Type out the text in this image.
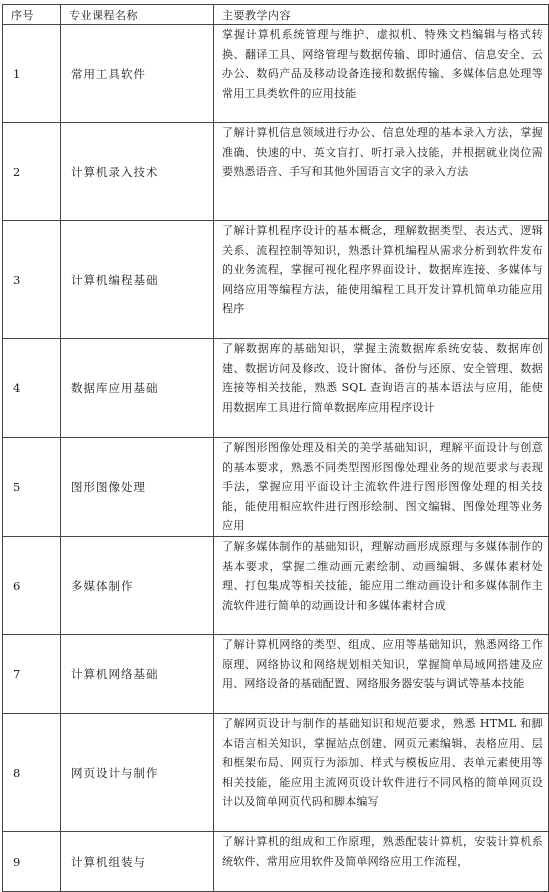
序号	专业课程名称	主要教学内容
1	常用工具软件	掌握计算机系统管理与维护、虚拟机、特殊文档编辑与格式转换、翻译工具、网络管理与数据传输、即时通信、信息安全、云办公、数码产品及移动设备连接和数据传输、多媒体信息处理等常用工具类软件的应用技能
2	计算机录入技术	了解计算机信息领域进行办公、信息处理的基本录入方法，掌握准确、快速的中、英文盲打、听打录入技能，并根据就业岗位需要熟悉语音、手写和其他外国语言文字的录入方法
3	计算机编程基础	了解计算机程序设计的基本概念，理解数据类型、表达式、逻辑关系、流程控制等知识，熟悉计算机编程从需求分析到软件发布的业务流程，掌握可视化程序界面设计、数据库连接、多媒体与网络应用等编程方法，能使用编程工具开发计算机简单功能应用程序
4	数据库应用基础	了解数据库的基础知识，掌握主流数据库系统安装、数据库创建、数据访问及修改、设计窗体、备份与还原、安全管理、数据连接等相关技能，熟悉 SQL 查询语言的基本语法与应用，能使用数据库工具进行简单数据库应用程序设计
5	图形图像处理	了解图形图像处理及相关的美学基础知识，理解平面设计与创意的基本要求，熟悉不同类型图形图像处理业务的规范要求与表现手法，掌握应用平面设计主流软件进行图形图像处理的相关技能，能使用相应软件进行图形绘制、图文编辑、图像处理等业务应用
6	多媒体制作	了解多媒体制作的基础知识，理解动画形成原理与多媒体制作的基本要求，掌握二维动画元素绘制、动画编辑、多媒体素材处理、打包集成等相关技能，能应用二维动画设计和多媒体制作主流软件进行简单的动画设计和多媒体素材合成
7	计算机网络基础	了解计算机网络的类型、组成、应用等基础知识，熟悉网络工作原理、网络协议和网络规划相关知识，掌握简单局域网搭建及应用、网络设备的基础配置、网络服务器安装与调试等基本技能
8	网页设计与制作	了解网页设计与制作的基础知识和规范要求，熟悉 HTML 和脚本语言相关知识，掌握站点创建、网页元素编辑、表格应用、层和框架布局、网页行为添加、样式与模板应用、表单元素使用等相关技能，能应用主流网页设计软件进行不同风格的简单网页设计以及简单网页代码和脚本编写
9	计算机组装与	了解计算机的组成和工作原理，熟悉配装计算机，安装计算机系统软件、常用应用软件及简单网络应用工作流程，
